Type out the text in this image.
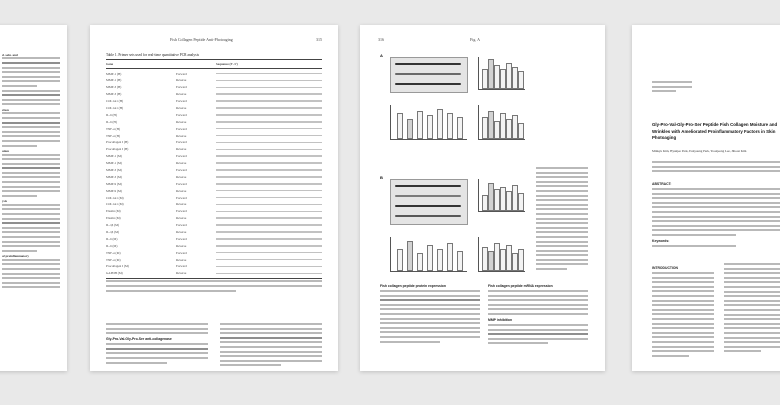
d. solu. and
ction
ation
ysis
of proinflammatory
Fish Collagen Peptide Anti-Photoaging	315
Table 1. Primer sets used for real-time quantitative PCR analysis
Gene	Sequence (5'-3')
MMP-1 (H)	Forward
MMP-1 (H)	Reverse
MMP-3 (H)	Forward
MMP-3 (H)	Reverse
COL1A1 (H)	Forward
COL1A1 (H)	Reverse
IL-6 (H)	Forward
IL-6 (H)	Reverse
TNF-α (H)	Forward
TNF-α (H)	Reverse
Procollagen I (H)	Forward
Procollagen I (H)	Reverse
MMP-1 (M)	Forward
MMP-1 (M)	Reverse
MMP-3 (M)	Forward
MMP-3 (M)	Reverse
MMP-9 (M)	Forward
MMP-9 (M)	Reverse
COL1A1 (M)	Forward
COL1A1 (M)	Reverse
Elastin (M)	Forward
Elastin (M)	Reverse
IL-1β (M)	Forward
IL-1β (M)	Reverse
IL-6 (M)	Forward
IL-6 (M)	Reverse
TNF-α (M)	Forward
TNF-α (M)	Reverse
Procollagen I (M)	Forward
GAPDH (M)	Reverse
Gly-Pro-Val-Gly-Pro-Ser anti-collagenase
316	Fig. A
A
B
Fish collagen peptide protein expression	Fish collagen peptide mRNA expression
MMP inhibition
Gly-Pro-Val-Gly-Pro-Ser Peptide Fish Collagen Moisture and Wrinkles with Ameliorated Proinflammatory Factors in Skin Photoaging
Minkyu Kim, Hyunjee Park, Eunyoung Park, Yoonjeong Lee, Jihoon Kim
ABSTRACT:
Keywords:
INTRODUCTION
